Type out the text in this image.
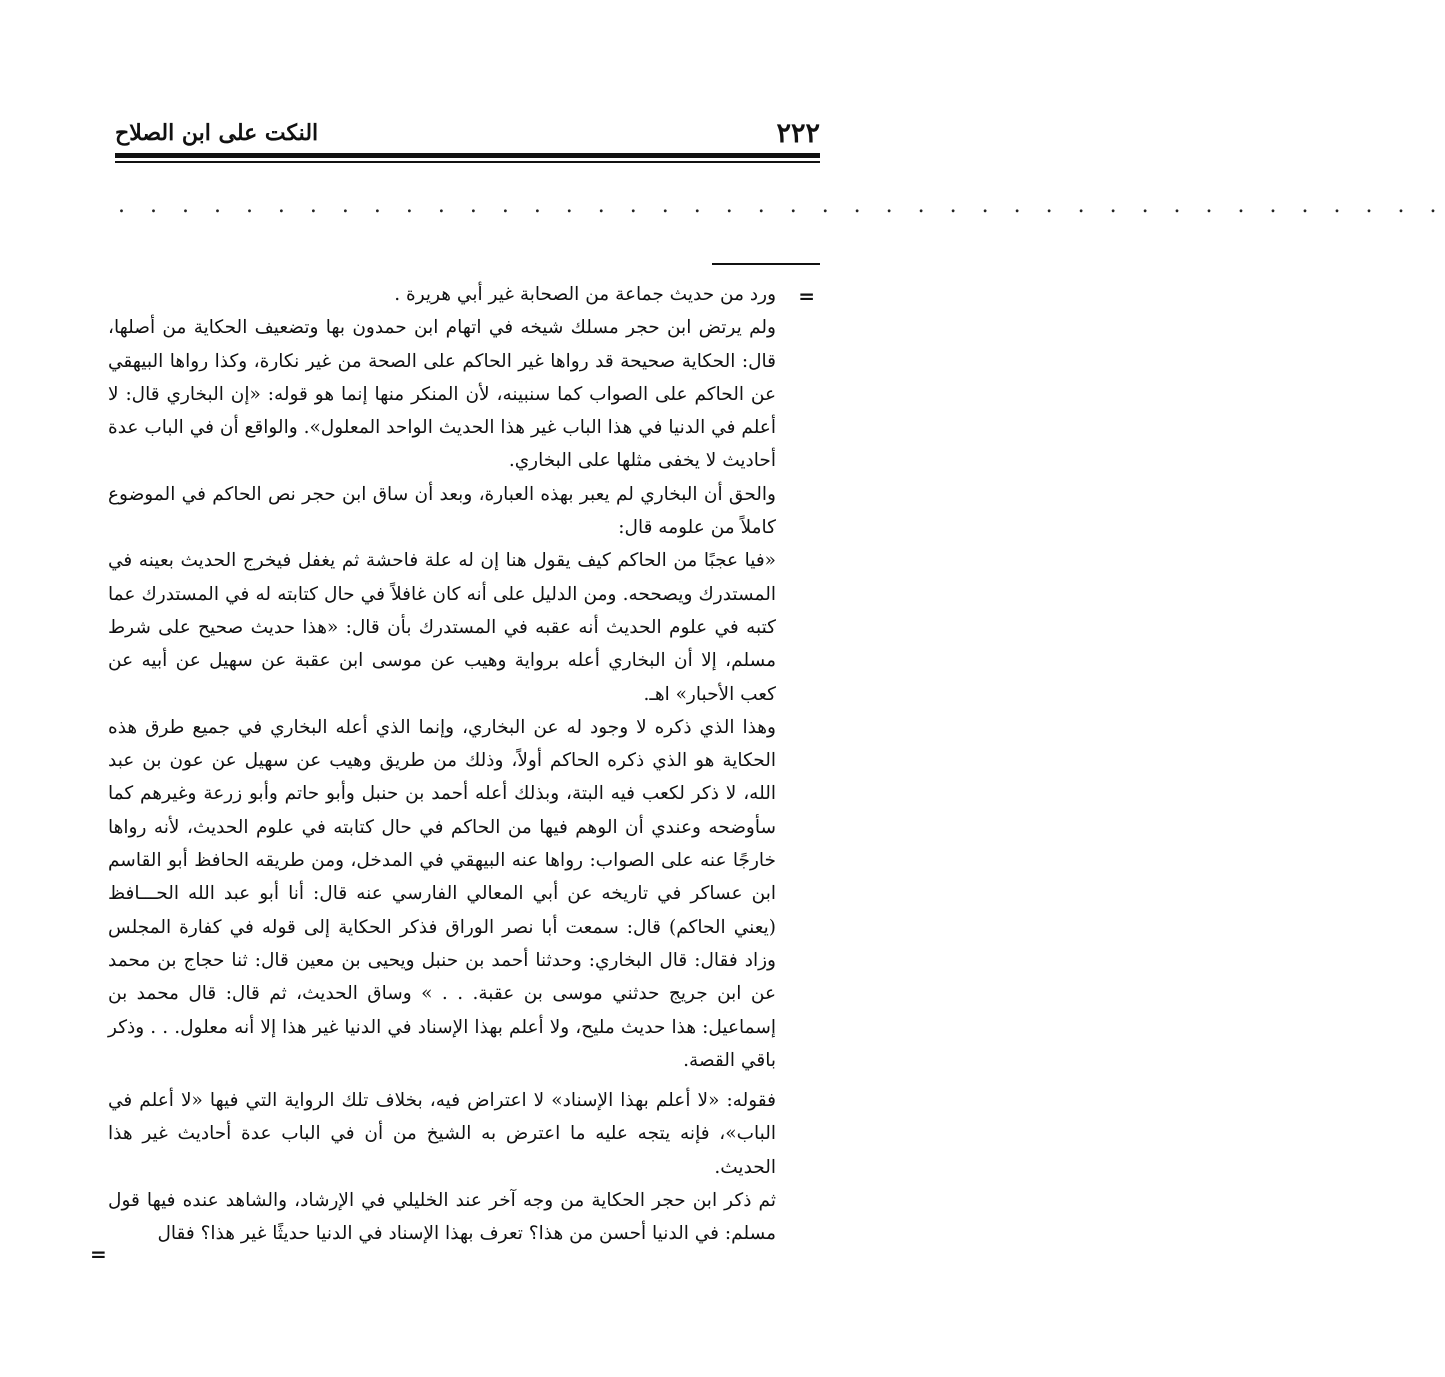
٢٢٢
النكت على ابن الصلاح
. . . . . . . . . . . . . . . . . . . . . . . . . . . . . . . . . . . . . . . . . .
=

ورد من حديث جماعة من الصحابة غير أبي هريرة .

ولم يرتض ابن حجر مسلك شيخه في اتهام ابن حمدون بها وتضعيف الحكاية من أصلها، قال: الحكاية صحيحة قد رواها غير الحاكم على الصحة من غير نكارة، وكذا رواها البيهقي عن الحاكم على الصواب كما سنبينه، لأن المنكر منها إنما هو قوله: «إن البخاري قال: لا أعلم في الدنيا في هذا الباب غير هذا الحديث الواحد المعلول». والواقع أن في الباب عدة أحاديث لا يخفى مثلها على البخاري.

والحق أن البخاري لم يعبر بهذه العبارة، وبعد أن ساق ابن حجر نص الحاكم في الموضوع كاملاً من علومه قال:

«فيا عجبًا من الحاكم كيف يقول هنا إن له علة فاحشة ثم يغفل فيخرج الحديث بعينه في المستدرك ويصححه. ومن الدليل على أنه كان غافلاً في حال كتابته له في المستدرك عما كتبه في علوم الحديث أنه عقبه في المستدرك بأن قال: «هذا حديث صحيح على شرط مسلم، إلا أن البخاري أعله برواية وهيب عن موسى ابن عقبة عن سهيل عن أبيه عن كعب الأحبار» اهـ.

وهذا الذي ذكره لا وجود له عن البخاري، وإنما الذي أعله البخاري في جميع طرق هذه الحكاية هو الذي ذكره الحاكم أولاً، وذلك من طريق وهيب عن سهيل عن عون بن عبد الله، لا ذكر لكعب فيه البتة، وبذلك أعله أحمد بن حنبل وأبو حاتم وأبو زرعة وغيرهم كما سأوضحه وعندي أن الوهم فيها من الحاكم في حال كتابته في علوم الحديث، لأنه رواها خارجًا عنه على الصواب: رواها عنه البيهقي في المدخل، ومن طريقه الحافظ أبو القاسم ابن عساكر في تاريخه عن أبي المعالي الفارسي عنه قال: أنا أبو عبد الله الحـــافظ (يعني الحاكم) قال: سمعت أبا نصر الوراق فذكر الحكاية إلى قوله في كفارة المجلس وزاد فقال: قال البخاري: وحدثنا أحمد بن حنبل ويحيى بن معين قال: ثنا حجاج بن محمد عن ابن جريج حدثني موسى بن عقبة. . . » وساق الحديث، ثم قال: قال محمد بن إسماعيل: هذا حديث مليح، ولا أعلم بهذا الإسناد في الدنيا غير هذا إلا أنه معلول. . . وذكر باقي القصة.

فقوله: «لا أعلم بهذا الإسناد» لا اعتراض فيه، بخلاف تلك الرواية التي فيها «لا أعلم في الباب»، فإنه يتجه عليه ما اعترض به الشيخ من أن في الباب عدة أحاديث غير هذا الحديث.

ثم ذكر ابن حجر الحكاية من وجه آخر عند الخليلي في الإرشاد، والشاهد عنده فيها قول مسلم: في الدنيا أحسن من هذا؟ تعرف بهذا الإسناد في الدنيا حديثًا غير هذا؟ فقال

=
